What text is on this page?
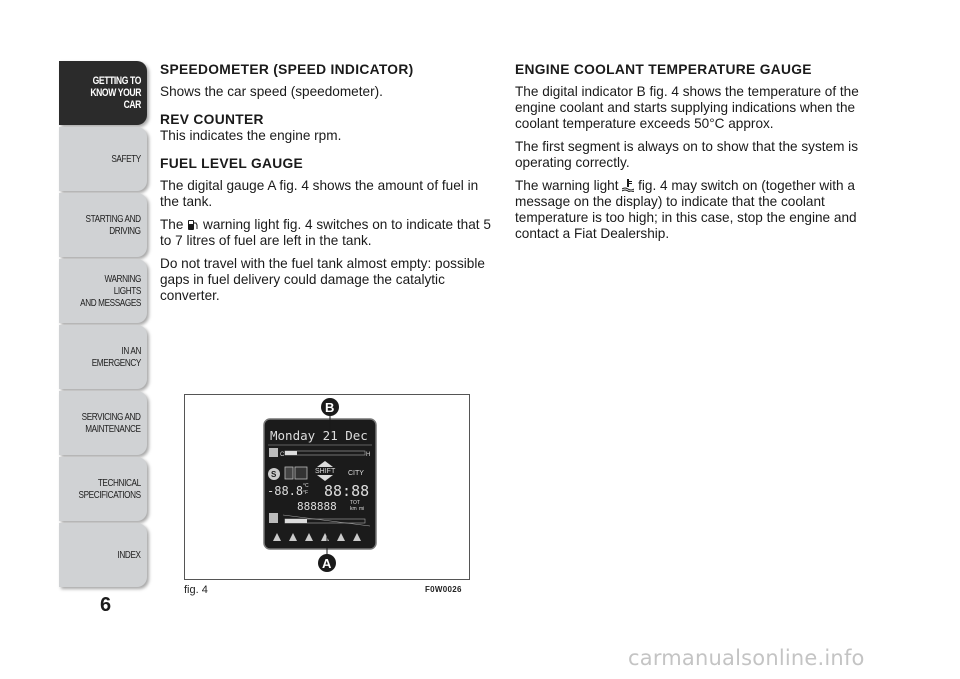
GETTING TO
KNOW YOUR CAR
SAFETY
STARTING AND
DRIVING
WARNING LIGHTS
AND MESSAGES
IN AN EMERGENCY
SERVICING AND
MAINTENANCE
TECHNICAL
SPECIFICATIONS
INDEX
6
SPEEDOMETER (SPEED INDICATOR)

Shows the car speed (speedometer).

REV COUNTER

This indicates the engine rpm.

FUEL LEVEL GAUGE

The digital gauge A fig. 4 shows the amount of fuel in the tank.

The warning light fig. 4 switches on to indicate that 5 to 7 litres of fuel are left in the tank.

Do not travel with the fuel tank almost empty: possible gaps in fuel delivery could damage the catalytic converter.

ENGINE COOLANT TEMPERATURE GAUGE

The digital indicator B fig. 4 shows the temperature of the engine coolant and starts supplying indications when the coolant temperature exceeds 50°C approx.

The first segment is always on to show that the system is operating correctly.

The warning light fig. 4 may switch on (together with a message on the display) to indicate that the coolant temperature is too high; in this case, stop the engine and contact a Fiat Dealership.

Monday 21 Dec
C	H
S	SHIFT CITY
-88.8 °C
°F 88:88
888888	TOT
km mi
B
A
fig. 4	F0W0026
carmanualsonline.info
